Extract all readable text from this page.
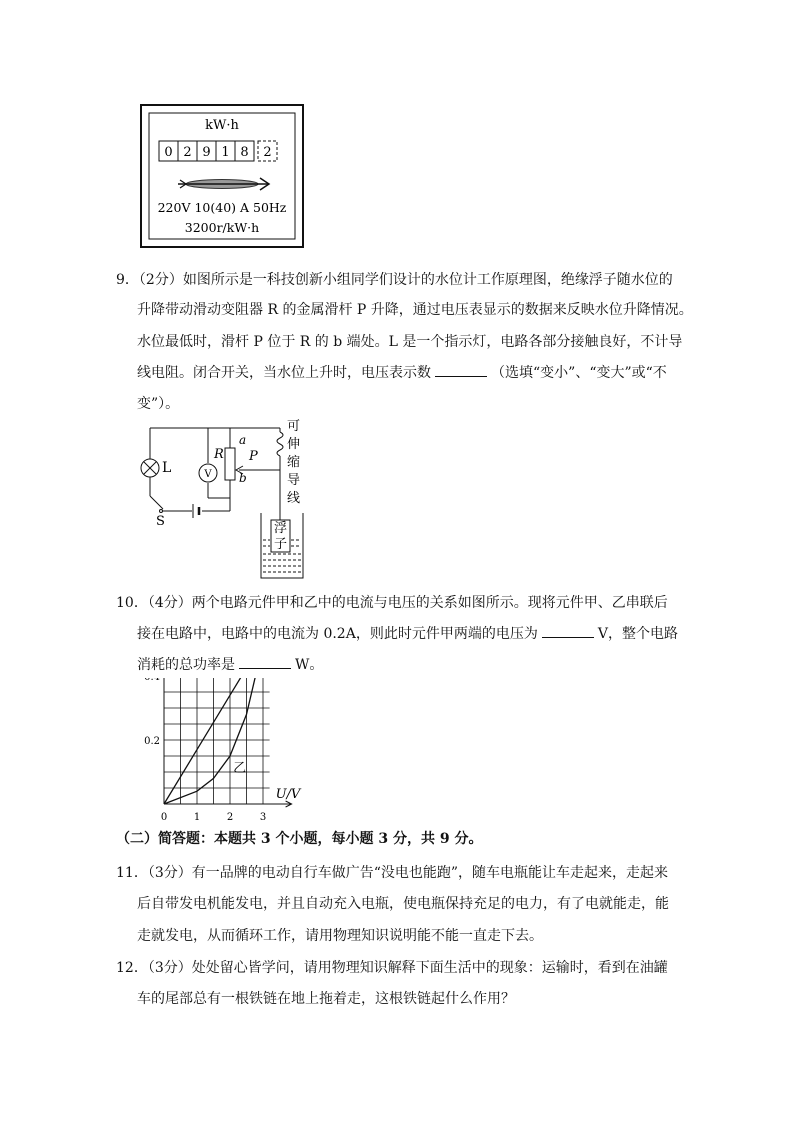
kW·h
0 2 9 1 8 2
220V 10(40) A 50Hz
3200r/kW·h
9．（2分）如图所示是一科技创新小组同学们设计的水位计工作原理图，绝缘浮子随水位的
升降带动滑动变阻器 R 的金属滑杆 P 升降，通过电压表显示的数据来反映水位升降情况。
水位最低时，滑杆 P 位于 R 的 b 端处。L 是一个指示灯，电路各部分接触良好，不计导
线电阻。闭合开关，当水位上升时，电压表示数	（选填“变小”、“变大”或“不
变”）。
L	V
R
a
b
P
S
可
伸
缩
导
线
浮
子
10．（4分）两个电路元件甲和乙中的电流与电压的关系如图所示。现将元件甲、乙串联后
接在电路中，电路中的电流为 0.2A，则此时元件甲两端的电压为	V，整个电路
消耗的总功率是	W。
U/V
0	1	2	3
0.2
乙
（二）简答题：本题共 3 个小题，每小题 3 分，共 9 分。
11．（3分）有一品牌的电动自行车做广告“没电也能跑”，随车电瓶能让车走起来，走起来
后自带发电机能发电，并且自动充入电瓶，使电瓶保持充足的电力，有了电就能走，能
走就发电，从而循环工作，请用物理知识说明能不能一直走下去。
12．（3分）处处留心皆学问，请用物理知识解释下面生活中的现象：运输时，看到在油罐
车的尾部总有一根铁链在地上拖着走，这根铁链起什么作用？
